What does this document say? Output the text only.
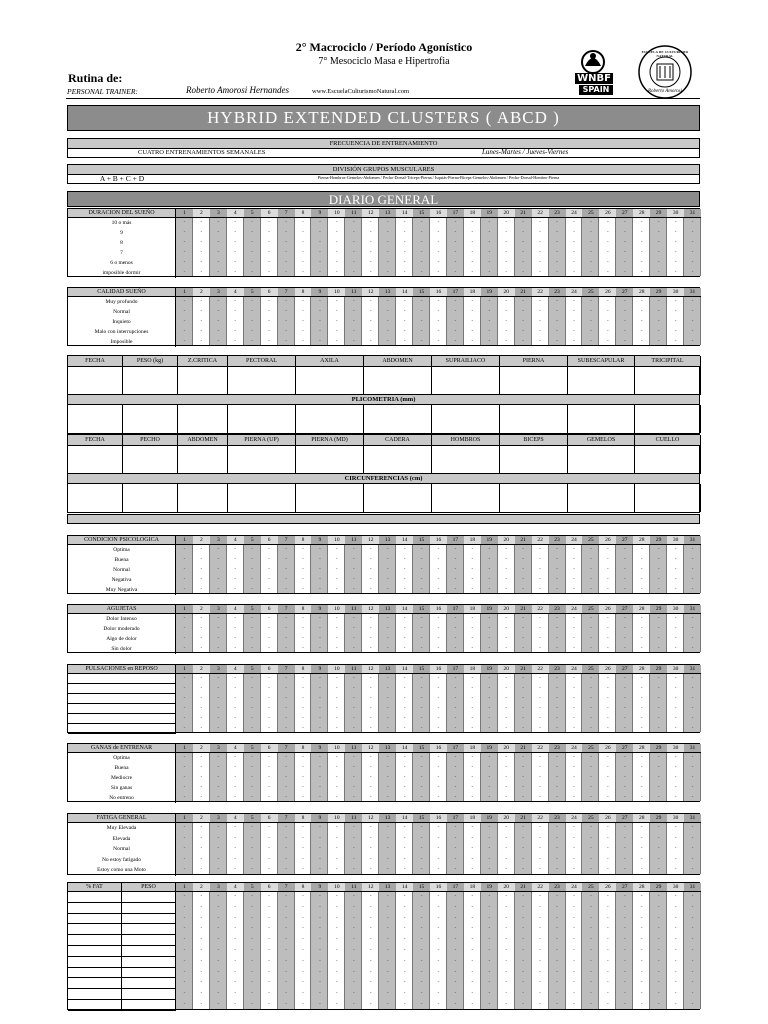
2° Macrociclo / Período Agonístico
7° Mesociclo Masa e Hipertrofia
Rutina de:
PERSONAL TRAINER:	Roberto Amorosi Hernandes	www.EscuelaCulturismoNatural.com
WNBF
SPAIN
ESCUELA DE CULTURISMO NATURAL
Roberto Amorosi
HYBRID EXTENDED CLUSTERS ( ABCD )
FRECUENCIA DE ENTRENAMIENTO
CUATRO ENTRENAMIENTOS SEMANALES	Lunes-Martes / Jueves-Viernes
DIVISIÓN GRUPOS MUSCULARES
A + B + C + D	Pierna-Hombros-Gemelos-Abdomen / Pecho-Dorsal-Tríceps-Pierna / Isquiás-Pierna-Bíceps-Gemelos-Abdomen / Pecho-Dorsal-Hombro-Pierna
DIARIO GENERAL
DURACION DEL SUEÑO	1	2	3	4	5	6	7	8	9	10	11	12	13	14	15	16	17	18	19	20	21	22	23	24	25	26	27	28	29	30	31
10 o más	-	-	-	-	-	-	-	-	-	-	-	-	-	-	-	-	-	-	-	-	-	-	-	-	-	-	-	-	-	-	-
9	-	-	-	-	-	-	-	-	-	-	-	-	-	-	-	-	-	-	-	-	-	-	-	-	-	-	-	-	-	-	-
8	-	-	-	-	-	-	-	-	-	-	-	-	-	-	-	-	-	-	-	-	-	-	-	-	-	-	-	-	-	-	-
7	-	-	-	-	-	-	-	-	-	-	-	-	-	-	-	-	-	-	-	-	-	-	-	-	-	-	-	-	-	-	-
6 o menos	-	-	-	-	-	-	-	-	-	-	-	-	-	-	-	-	-	-	-	-	-	-	-	-	-	-	-	-	-	-	-
imposible dormir	-	-	-	-	-	-	-	-	-	-	-	-	-	-	-	-	-	-	-	-	-	-	-	-	-	-	-	-	-	-	-
CALIDAD SUEÑO	1	2	3	4	5	6	7	8	9	10	11	12	13	14	15	16	17	18	19	20	21	22	23	24	25	26	27	28	29	30	31
Muy profundo	-	-	-	-	-	-	-	-	-	-	-	-	-	-	-	-	-	-	-	-	-	-	-	-	-	-	-	-	-	-	-
Normal	-	-	-	-	-	-	-	-	-	-	-	-	-	-	-	-	-	-	-	-	-	-	-	-	-	-	-	-	-	-	-
Inquieto	-	-	-	-	-	-	-	-	-	-	-	-	-	-	-	-	-	-	-	-	-	-	-	-	-	-	-	-	-	-	-
Malo con interrupciones	-	-	-	-	-	-	-	-	-	-	-	-	-	-	-	-	-	-	-	-	-	-	-	-	-	-	-	-	-	-	-
Imposible	-	-	-	-	-	-	-	-	-	-	-	-	-	-	-	-	-	-	-	-	-	-	-	-	-	-	-	-	-	-	-
CONDICION PSICOLOGICA	1	2	3	4	5	6	7	8	9	10	11	12	13	14	15	16	17	18	19	20	21	22	23	24	25	26	27	28	29	30	31
Optima	-	-	-	-	-	-	-	-	-	-	-	-	-	-	-	-	-	-	-	-	-	-	-	-	-	-	-	-	-	-	-
Buena	-	-	-	-	-	-	-	-	-	-	-	-	-	-	-	-	-	-	-	-	-	-	-	-	-	-	-	-	-	-	-
Normal	-	-	-	-	-	-	-	-	-	-	-	-	-	-	-	-	-	-	-	-	-	-	-	-	-	-	-	-	-	-	-
Negativa	-	-	-	-	-	-	-	-	-	-	-	-	-	-	-	-	-	-	-	-	-	-	-	-	-	-	-	-	-	-	-
Muy Negativa	-	-	-	-	-	-	-	-	-	-	-	-	-	-	-	-	-	-	-	-	-	-	-	-	-	-	-	-	-	-	-
AGUJETAS	1	2	3	4	5	6	7	8	9	10	11	12	13	14	15	16	17	18	19	20	21	22	23	24	25	26	27	28	29	30	31
Dolor Intenso	-	-	-	-	-	-	-	-	-	-	-	-	-	-	-	-	-	-	-	-	-	-	-	-	-	-	-	-	-	-	-
Dolor moderado	-	-	-	-	-	-	-	-	-	-	-	-	-	-	-	-	-	-	-	-	-	-	-	-	-	-	-	-	-	-	-
Algo de dolor	-	-	-	-	-	-	-	-	-	-	-	-	-	-	-	-	-	-	-	-	-	-	-	-	-	-	-	-	-	-	-
Sin dolor	-	-	-	-	-	-	-	-	-	-	-	-	-	-	-	-	-	-	-	-	-	-	-	-	-	-	-	-	-	-	-
PULSACIONES en REPOSO	1	2	3	4	5	6	7	8	9	10	11	12	13	14	15	16	17	18	19	20	21	22	23	24	25	26	27	28	29	30	31
-	-	-	-	-	-	-	-	-	-	-	-	-	-	-	-	-	-	-	-	-	-	-	-	-	-	-	-	-	-	-
-	-	-	-	-	-	-	-	-	-	-	-	-	-	-	-	-	-	-	-	-	-	-	-	-	-	-	-	-	-	-
-	-	-	-	-	-	-	-	-	-	-	-	-	-	-	-	-	-	-	-	-	-	-	-	-	-	-	-	-	-	-
-	-	-	-	-	-	-	-	-	-	-	-	-	-	-	-	-	-	-	-	-	-	-	-	-	-	-	-	-	-	-
-	-	-	-	-	-	-	-	-	-	-	-	-	-	-	-	-	-	-	-	-	-	-	-	-	-	-	-	-	-	-
-	-	-	-	-	-	-	-	-	-	-	-	-	-	-	-	-	-	-	-	-	-	-	-	-	-	-	-	-	-	-
GANAS de ENTRENAR	1	2	3	4	5	6	7	8	9	10	11	12	13	14	15	16	17	18	19	20	21	22	23	24	25	26	27	28	29	30	31
Optima	-	-	-	-	-	-	-	-	-	-	-	-	-	-	-	-	-	-	-	-	-	-	-	-	-	-	-	-	-	-	-
Buena	-	-	-	-	-	-	-	-	-	-	-	-	-	-	-	-	-	-	-	-	-	-	-	-	-	-	-	-	-	-	-
Mediocre	-	-	-	-	-	-	-	-	-	-	-	-	-	-	-	-	-	-	-	-	-	-	-	-	-	-	-	-	-	-	-
Sin ganas	-	-	-	-	-	-	-	-	-	-	-	-	-	-	-	-	-	-	-	-	-	-	-	-	-	-	-	-	-	-	-
No entreno	-	-	-	-	-	-	-	-	-	-	-	-	-	-	-	-	-	-	-	-	-	-	-	-	-	-	-	-	-	-	-
FATIGA GENERAL	1	2	3	4	5	6	7	8	9	10	11	12	13	14	15	16	17	18	19	20	21	22	23	24	25	26	27	28	29	30	31
Muy Elevada	-	-	-	-	-	-	-	-	-	-	-	-	-	-	-	-	-	-	-	-	-	-	-	-	-	-	-	-	-	-	-
Elevada	-	-	-	-	-	-	-	-	-	-	-	-	-	-	-	-	-	-	-	-	-	-	-	-	-	-	-	-	-	-	-
Normal	-	-	-	-	-	-	-	-	-	-	-	-	-	-	-	-	-	-	-	-	-	-	-	-	-	-	-	-	-	-	-
No estoy fatigado	-	-	-	-	-	-	-	-	-	-	-	-	-	-	-	-	-	-	-	-	-	-	-	-	-	-	-	-	-	-	-
Estoy como una Moto	-	-	-	-	-	-	-	-	-	-	-	-	-	-	-	-	-	-	-	-	-	-	-	-	-	-	-	-	-	-	-
% FAT	PESO	1	2	3	4	5	6	7	8	9	10	11	12	13	14	15	16	17	18	19	20	21	22	23	24	25	26	27	28	29	30	31
-	-	-	-	-	-	-	-	-	-	-	-	-	-	-	-	-	-	-	-	-	-	-	-	-	-	-	-	-	-	-
-	-	-	-	-	-	-	-	-	-	-	-	-	-	-	-	-	-	-	-	-	-	-	-	-	-	-	-	-	-	-
-	-	-	-	-	-	-	-	-	-	-	-	-	-	-	-	-	-	-	-	-	-	-	-	-	-	-	-	-	-	-
-	-	-	-	-	-	-	-	-	-	-	-	-	-	-	-	-	-	-	-	-	-	-	-	-	-	-	-	-	-	-
-	-	-	-	-	-	-	-	-	-	-	-	-	-	-	-	-	-	-	-	-	-	-	-	-	-	-	-	-	-	-
-	-	-	-	-	-	-	-	-	-	-	-	-	-	-	-	-	-	-	-	-	-	-	-	-	-	-	-	-	-	-
-	-	-	-	-	-	-	-	-	-	-	-	-	-	-	-	-	-	-	-	-	-	-	-	-	-	-	-	-	-	-
-	-	-	-	-	-	-	-	-	-	-	-	-	-	-	-	-	-	-	-	-	-	-	-	-	-	-	-	-	-	-
-	-	-	-	-	-	-	-	-	-	-	-	-	-	-	-	-	-	-	-	-	-	-	-	-	-	-	-	-	-	-
-	-	-	-	-	-	-	-	-	-	-	-	-	-	-	-	-	-	-	-	-	-	-	-	-	-	-	-	-	-	-
-	-	-	-	-	-	-	-	-	-	-	-	-	-	-	-	-	-	-	-	-	-	-	-	-	-	-	-	-	-	-
FECHA	PESO (kg)	Z.CRITICA	PECTORAL	AXILA	ABDOMEN	SUPRAILIACO	PIERNA	SUBESCAPULAR	TRICIPITAL
PLICOMETRIA (mm)
FECHA	PECHO	ABDOMEN	PIERNA (UP)	PIERNA (MD)	CADERA	HOMBROS	BICEPS	GEMELOS	CUELLO
CIRCUNFERENCIAS (cm)
